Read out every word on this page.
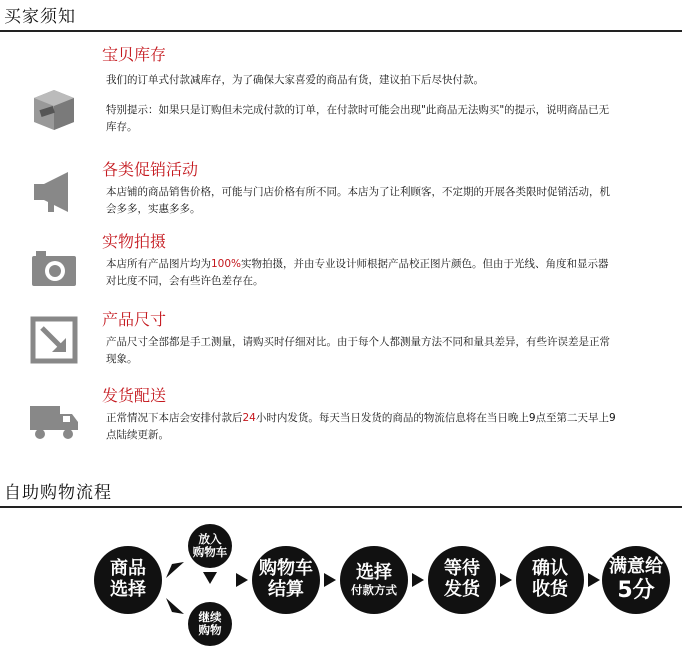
买家须知
宝贝库存

我们的订单式付款减库存，为了确保大家喜爱的商品有货，建议拍下后尽快付款。

特别提示：如果只是订购但未完成付款的订单，在付款时可能会出现"此商品无法购买"的提示，说明商品已无库存。

各类促销活动

本店铺的商品销售价格，可能与门店价格有所不同。本店为了让利顾客，不定期的开展各类限时促销活动，机会多多，实惠多多。

实物拍摄

本店所有产品图片均为100%实物拍摄，并由专业设计师根据产品校正图片颜色。但由于光线、角度和显示器对比度不同，会有些许色差存在。

产品尺寸

产品尺寸全部都是手工测量，请购买时仔细对比。由于每个人都测量方法不同和量具差异，有些许误差是正常现象。

发货配送

正常情况下本店会安排付款后24小时内发货。每天当日发货的商品的物流信息将在当日晚上9点至第二天早上9点陆续更新。

自助购物流程
商品
选择
放入
购物车
继续
购物
购物车
结算
选择
付款方式
等待
发货
确认
收货
满意给
5分
